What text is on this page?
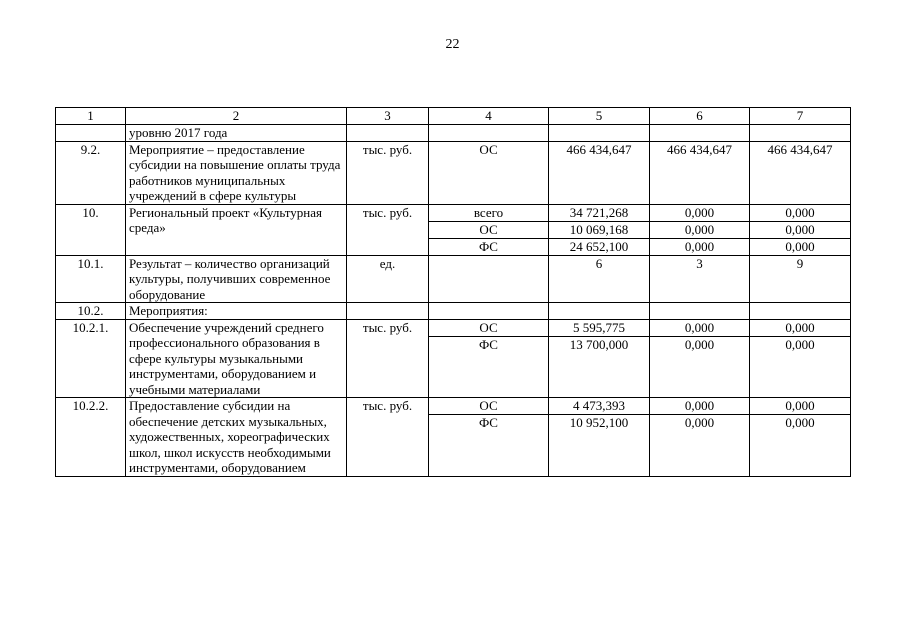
22
1	2	3	4	5	6	7
	уровню 2017 года					
9.2.	Мероприятие – предоставление субсидии на повышение оплаты труда работников муниципальных учреждений в сфере культуры	тыс. руб.	ОС	466 434,647	466 434,647	466 434,647
10.	Региональный проект «Культурная среда»	тыс. руб.	всего	34 721,268	0,000	0,000
			ОС	10 069,168	0,000	0,000
			ФС	24 652,100	0,000	0,000
10.1.	Результат – количество организаций культуры, получивших современное оборудование	ед.		6	3	9
10.2.	Мероприятия:					
10.2.1.	Обеспечение учреждений среднего профессионального образования в сфере культуры музыкальными инструментами, оборудованием и учебными материалами	тыс. руб.	ОС	5 595,775	0,000	0,000
			ФС	13 700,000	0,000	0,000
10.2.2.	Предоставление субсидии на обеспечение детских музыкальных, художественных, хореографических школ, школ искусств необходимыми инструментами, оборудованием	тыс. руб.	ОС	4 473,393	0,000	0,000
			ФС	10 952,100	0,000	0,000
